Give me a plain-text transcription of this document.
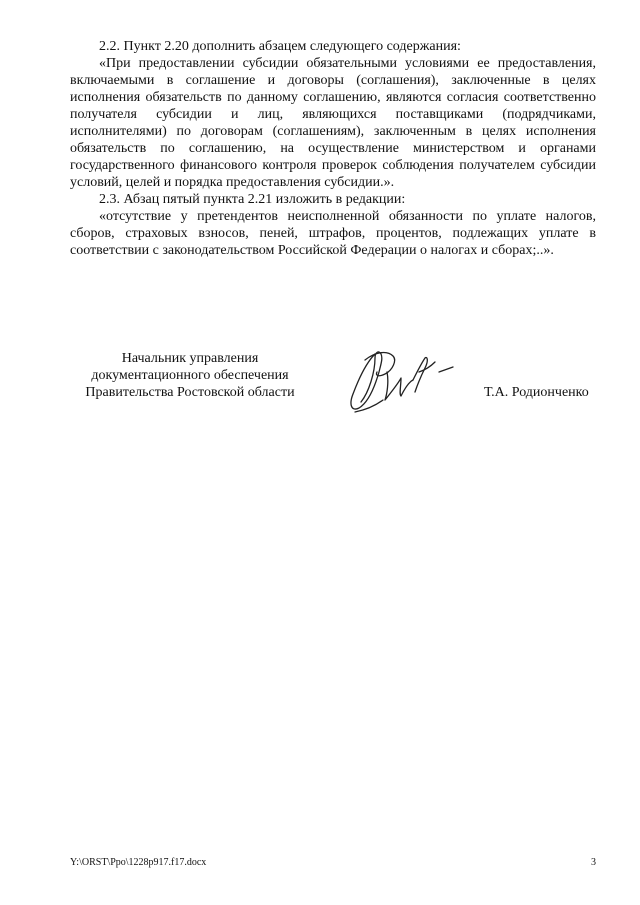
2.2. Пункт 2.20 дополнить абзацем следующего содержания:

«При предоставлении субсидии обязательными условиями ее предоставления, включаемыми в соглашение и договоры (соглашения), заключенные в целях исполнения обязательств по данному соглашению, являются согласия соответственно получателя субсидии и лиц, являющихся поставщиками (подрядчиками, исполнителями) по договорам (соглашениям), заключенным в целях исполнения обязательств по соглашению, на осуществление министерством и органами государственного финансового контроля проверок соблюдения получателем субсидии условий, целей и порядка предоставления субсидии.».

2.3. Абзац пятый пункта 2.21 изложить в редакции:

«отсутствие у претендентов неисполненной обязанности по уплате налогов, сборов, страховых взносов, пеней, штрафов, процентов, подлежащих уплате в соответствии с законодательством Российской Федерации о налогах и сборах;..».

Начальник управления
документационного обеспечения
Правительства Ростовской области	Т.А. Родионченко
Y:\ORST\Ppo\1228p917.f17.docx	3
